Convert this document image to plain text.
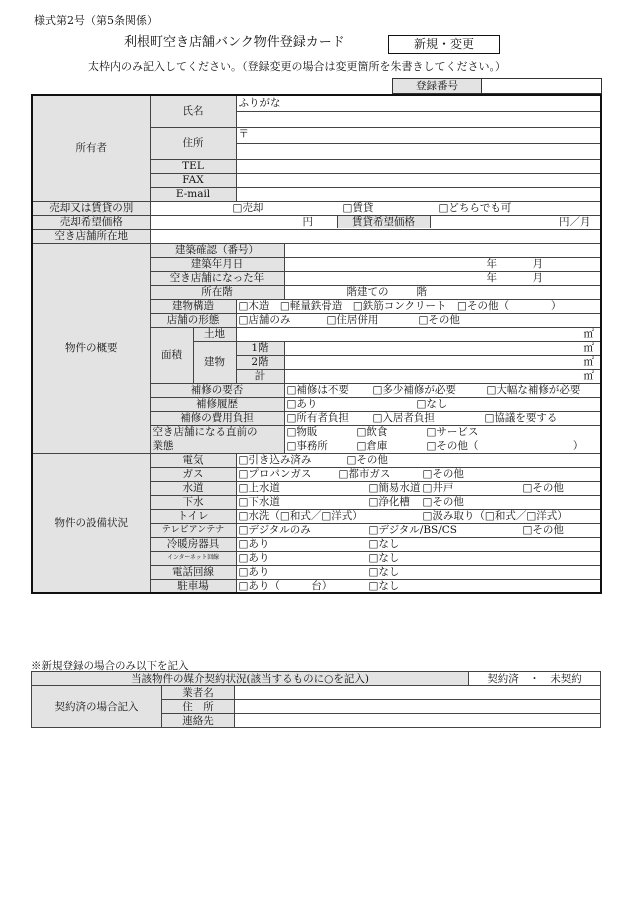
様式第2号（第5条関係）
利根町空き店舗バンク物件登録カード	新規・変更
太枠内のみ記入してください。（登録変更の場合は変更箇所を朱書きしてください。）
登録番号
所有者	氏名		ふりがな	

	住所		〒	

	TEL			
	FAX			
	E-mail			
売却又は賃貸の別	□売却 □賃貸 □どちらでも可			
売却希望価格	円 賃貸希望価格 円／月			
空き店舗所在地				
物件の概要	建築確認（番号）			
	建築年月日			年 月
	空き店舗になった年			年 月
	所在階			階建ての 階
	建物構造		□木造　□軽量鉄骨造　□鉄筋コンクリート　□その他（　　　　）	
	店舗の形態		□店舗のみ □住居併用 □その他	
	面積	土地	㎡	
		建物	1階	㎡
			2階	㎡
			計	㎡
	補修の要否			□補修は不要 □多少補修が必要 □大幅な補修が必要
	補修履歴			□あり □なし
	補修の費用負担			□所有者負担 □入居者負担 □協議を要する
	空き店舗になる直前の			□物販 □飲食 □サービス
	業態			□事務所 □倉庫 □その他（　　　　　　　　　）
物件の設備状況	電気		□引き込み済み □その他	
	ガス		□プロパンガス □都市ガス □その他	
	水道		□上水道 □簡易水道 □井戸 □その他	
	下水		□下水道 □浄化槽 □その他	
	トイレ		□水洗（□和式／□洋式） □汲み取り（□和式／□洋式）	
	テレビアンテナ		□デジタルのみ □デジタル/BS/CS □その他	
	冷暖房器具		□あり □なし	
	インターネット回線		□あり □なし	
	電話回線		□あり □なし	
	駐車場		□あり（　　　台） □なし	
※新規登録の場合のみ以下を記入
当該物件の媒介契約状況(該当するものに○を記入)			契約済　・　未契約
契約済の場合記入	業者名		
	住　所		
	連絡先		
